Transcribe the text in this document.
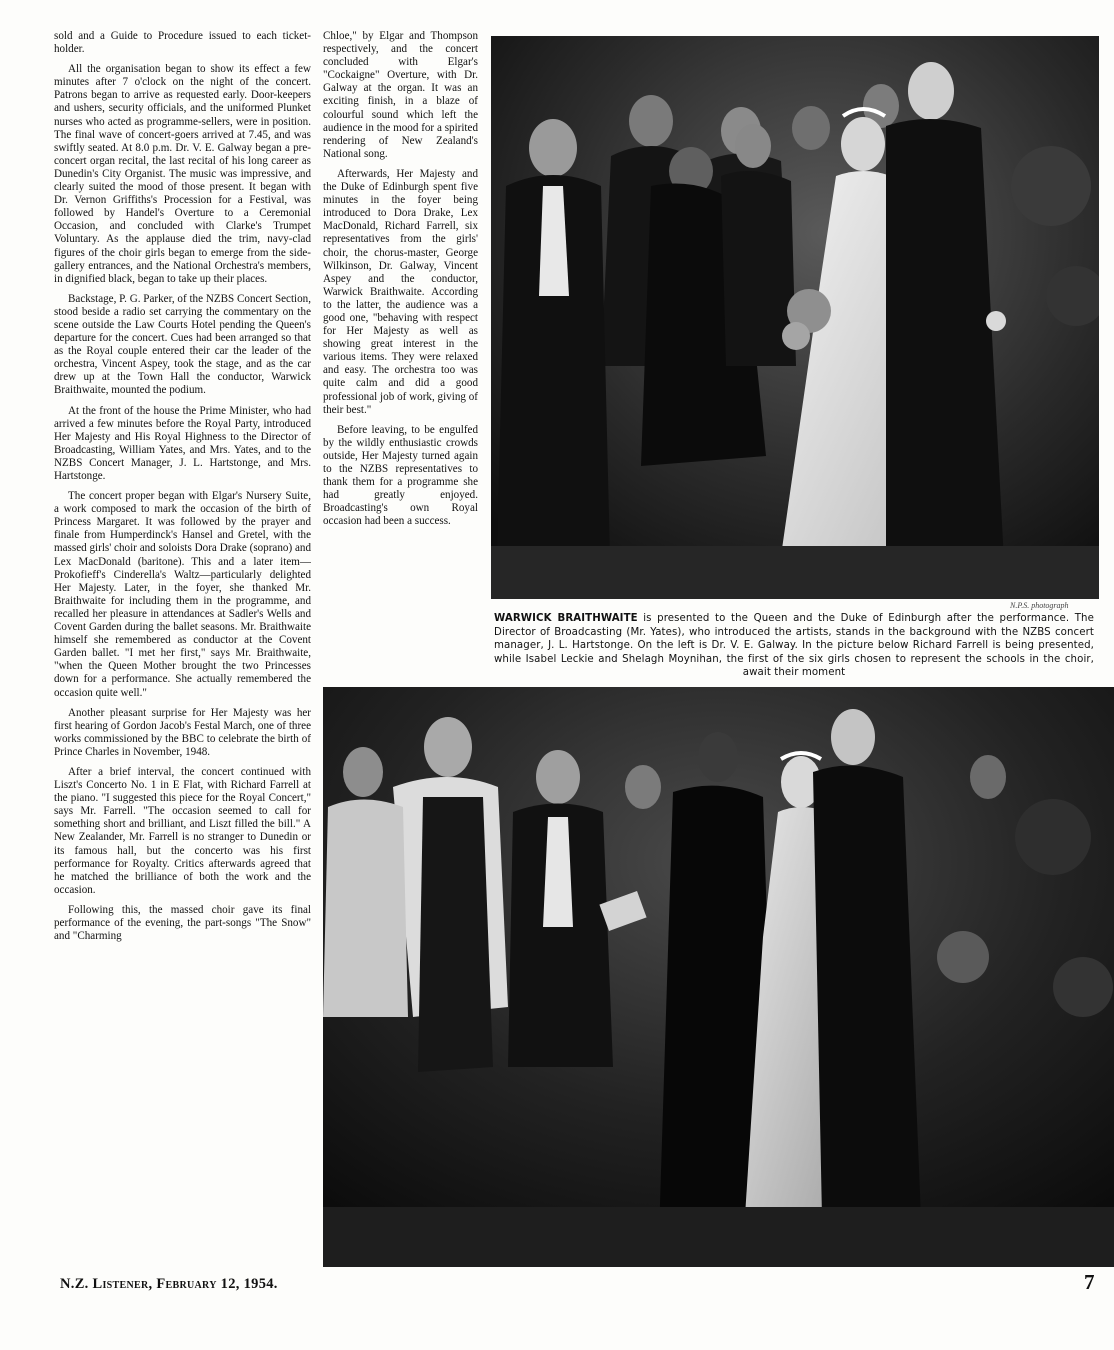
sold and a Guide to Procedure issued to each ticket-holder.

All the organisation began to show its effect a few minutes after 7 o'clock on the night of the concert. Patrons began to arrive as requested early. Door-keepers and ushers, security officials, and the uniformed Plunket nurses who acted as programme-sellers, were in position. The final wave of concert-goers arrived at 7.45, and was swiftly seated. At 8.0 p.m. Dr. V. E. Galway began a pre-concert organ recital, the last recital of his long career as Dunedin's City Organist. The music was impressive, and clearly suited the mood of those present. It began with Dr. Vernon Griffiths's Procession for a Festival, was followed by Handel's Overture to a Ceremonial Occasion, and concluded with Clarke's Trumpet Voluntary. As the applause died the trim, navy-clad figures of the choir girls began to emerge from the side-gallery entrances, and the National Orchestra's members, in dignified black, began to take up their places.

Backstage, P. G. Parker, of the NZBS Concert Section, stood beside a radio set carrying the commentary on the scene outside the Law Courts Hotel pending the Queen's departure for the concert. Cues had been arranged so that as the Royal couple entered their car the leader of the orchestra, Vincent Aspey, took the stage, and as the car drew up at the Town Hall the conductor, Warwick Braithwaite, mounted the podium.

At the front of the house the Prime Minister, who had arrived a few minutes before the Royal Party, introduced Her Majesty and His Royal Highness to the Director of Broadcasting, William Yates, and Mrs. Yates, and to the NZBS Concert Manager, J. L. Hartstonge, and Mrs. Hartstonge.

The concert proper began with Elgar's Nursery Suite, a work composed to mark the occasion of the birth of Princess Margaret. It was followed by the prayer and finale from Humperdinck's Hansel and Gretel, with the massed girls' choir and soloists Dora Drake (soprano) and Lex MacDonald (baritone). This and a later item—Prokofieff's Cinderella's Waltz—particularly delighted Her Majesty. Later, in the foyer, she thanked Mr. Braithwaite for including them in the programme, and recalled her pleasure in attendances at Sadler's Wells and Covent Garden during the ballet seasons. Mr. Braithwaite himself she remembered as conductor at the Covent Garden ballet. "I met her first," says Mr. Braithwaite, "when the Queen Mother brought the two Princesses down for a performance. She actually remembered the occasion quite well."

Another pleasant surprise for Her Majesty was her first hearing of Gordon Jacob's Festal March, one of three works commissioned by the BBC to celebrate the birth of Prince Charles in November, 1948.

After a brief interval, the concert continued with Liszt's Concerto No. 1 in E Flat, with Richard Farrell at the piano. "I suggested this piece for the Royal Concert," says Mr. Farrell. "The occasion seemed to call for something short and brilliant, and Liszt filled the bill." A New Zealander, Mr. Farrell is no stranger to Dunedin or its famous hall, but the concerto was his first performance for Royalty. Critics afterwards agreed that he matched the brilliance of both the work and the occasion.

Following this, the massed choir gave its final performance of the evening, the part-songs "The Snow" and "Charming

Chloe," by Elgar and Thompson respectively, and the concert concluded with Elgar's "Cockaigne" Overture, with Dr. Galway at the organ. It was an exciting finish, in a blaze of colourful sound which left the audience in the mood for a spirited rendering of New Zealand's National song.

Afterwards, Her Majesty and the Duke of Edinburgh spent five minutes in the foyer being introduced to Dora Drake, Lex MacDonald, Richard Farrell, six representatives from the girls' choir, the chorus-master, George Wilkinson, Dr. Galway, Vincent Aspey and the conductor, Warwick Braithwaite. According to the latter, the audience was a good one, "behaving with respect for Her Majesty as well as showing great interest in the various items. They were relaxed and easy. The orchestra too was quite calm and did a good professional job of work, giving of their best."

Before leaving, to be engulfed by the wildly enthusiastic crowds outside, Her Majesty turned again to the NZBS representatives to thank them for a programme she had greatly enjoyed. Broadcasting's own Royal occasion had been a success.

N.P.S. photograph
WARWICK BRAITHWAITE is presented to the Queen and the Duke of Edinburgh after the performance. The Director of Broadcasting (Mr. Yates), who introduced the artists, stands in the background with the NZBS concert manager, J. L. Hartstonge. On the left is Dr. V. E. Galway. In the picture below Richard Farrell is being presented, while Isabel Leckie and Shelagh Moynihan, the first of the six girls chosen to represent the schools in the choir, await their moment
N.Z. Listener, February 12, 1954.	7
